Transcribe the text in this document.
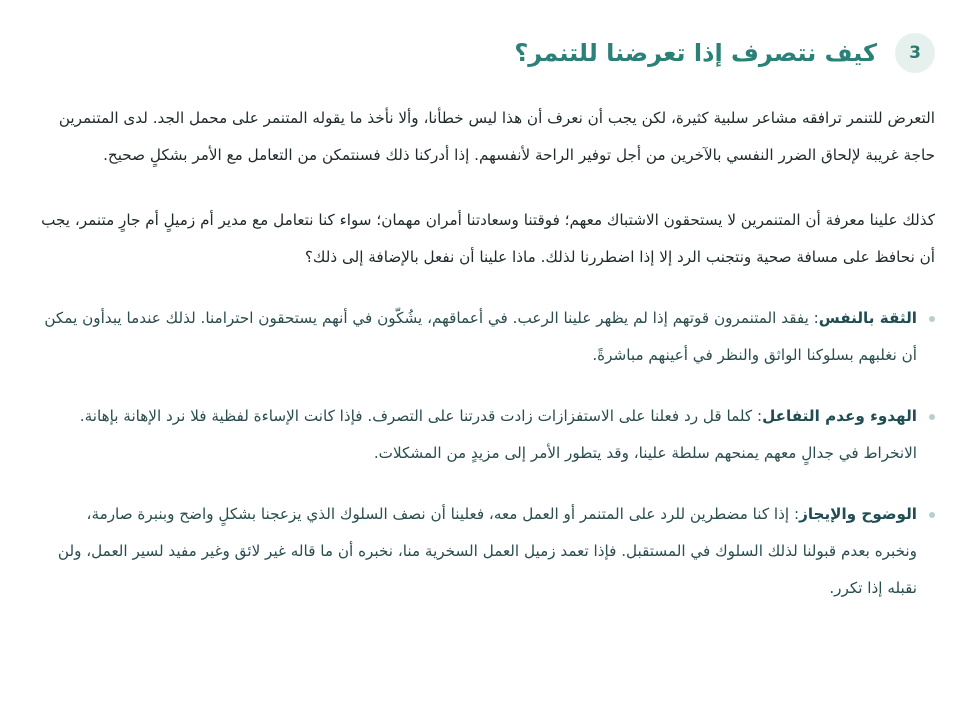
3
كيف نتصرف إذا تعرضنا للتنمر؟

التعرض للتنمر ترافقه مشاعر سلبية كثيرة، لكن يجب أن نعرف أن هذا ليس خطأنا، وألا نأخذ ما يقوله المتنمر على محمل الجد. لدى المتنمرين حاجة غريبة لإلحاق الضرر النفسي بالآخرين من أجل توفير الراحة لأنفسهم. إذا أدركنا ذلك فسنتمكن من التعامل مع الأمر بشكلٍ صحيح.

كذلك علينا معرفة أن المتنمرين لا يستحقون الاشتباك معهم؛ فوقتنا وسعادتنا أمران مهمان؛ سواء كنا نتعامل مع مدير أم زميلٍ أم جارٍ متنمر، يجب أن نحافظ على مسافة صحية ونتجنب الرد إلا إذا اضطررنا لذلك. ماذا علينا أن نفعل بالإضافة إلى ذلك؟

الثقة بالنفس: يفقد المتنمرون قوتهم إذا لم يظهر علينا الرعب. في أعماقهم، يشُكّون في أنهم يستحقون احترامنا. لذلك عندما يبدأون يمكن أن نغلبهم بسلوكنا الواثق والنظر في أعينهم مباشرةً.
الهدوء وعدم التفاعل: كلما قل رد فعلنا على الاستفزازات زادت قدرتنا على التصرف. فإذا كانت الإساءة لفظية فلا نرد الإهانة بإهانة. الانخراط في جدالٍ معهم يمنحهم سلطة علينا، وقد يتطور الأمر إلى مزيدٍ من المشكلات.
الوضوح والإيجاز: إذا كنا مضطرين للرد على المتنمر أو العمل معه، فعلينا أن نصف السلوك الذي يزعجنا بشكلٍ واضح وبنبرة صارمة، ونخبره بعدم قبولنا لذلك السلوك في المستقبل. فإذا تعمد زميل العمل السخرية منا، نخبره أن ما قاله غير لائق وغير مفيد لسير العمل، ولن نقبله إذا تكرر.
